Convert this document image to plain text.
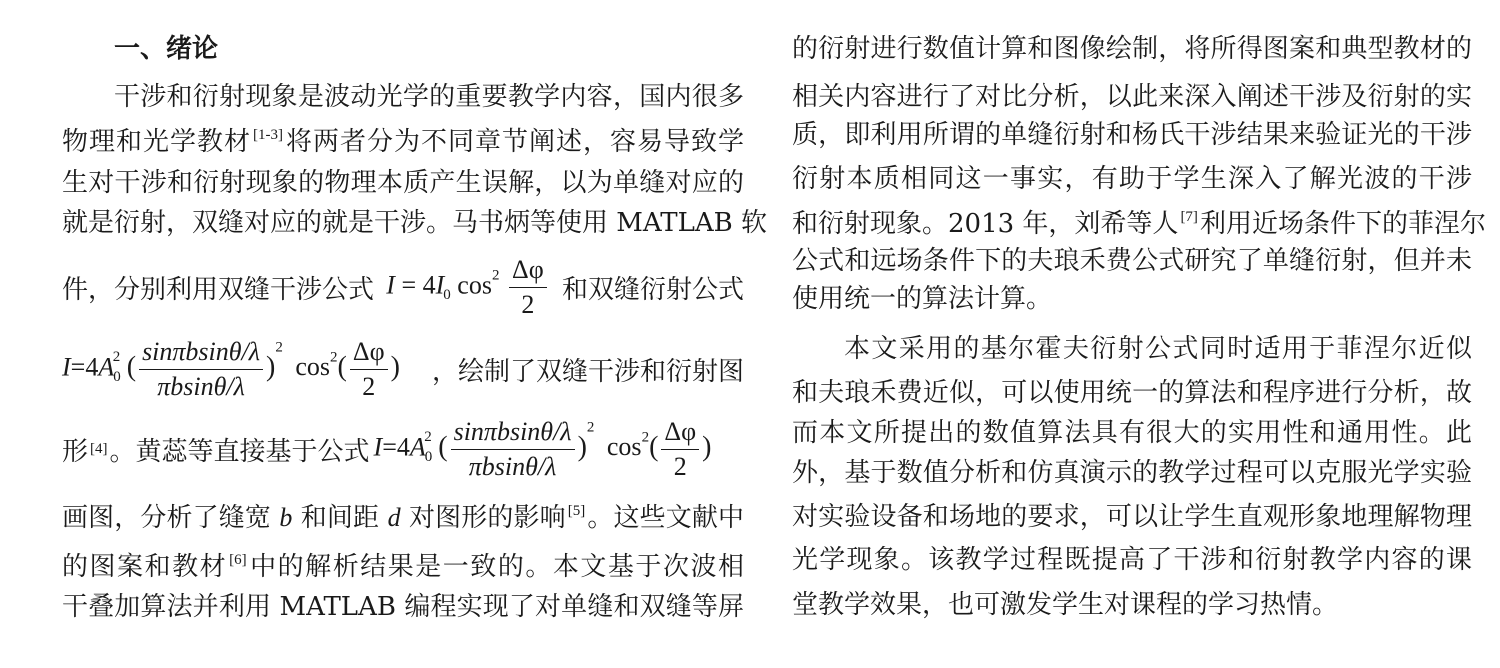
一、绪论
干涉和衍射现象是波动光学的重要教学内容，国内很多
物理和光学教材 [1-3]将两者分为不同章节阐述，容易导致学
生对干涉和衍射现象的物理本质产生误解，以为单缝对应的
就是衍射，双缝对应的就是干涉。马书炳等使用 MATLAB 软
件，分别利用双缝干涉公式 $I = 4I_0$ $\cos^2 \frac{\Delta\varphi}{2}$ 和双缝衍射公式
$I=4A_0^2$ ( $\frac{\sin\pi bsin\theta/\lambda}{\pi bsin\theta/\lambda} )^2$ $\cos^2( \frac{\Delta\varphi}{2}$ )	，绘制了双缝干涉和衍射图
形 [4] 。黄蕊等直接基于公式 $I=4A_0^2$ ( $\frac{\sin\pi bsin\theta/\lambda}{\pi bsin\theta/\lambda} )^2$ $\cos^2( \frac{\Delta\varphi}{2}$ )
画图，分析了缝宽 b 和间距 d 对图形的影响 [5]。这些文献中
的图案和教材 [6]中的解析结果是一致的。本文基于次波相
干叠加算法并利用 MATLAB 编程实现了对单缝和双缝等屏
的衍射进行数值计算和图像绘制，将所得图案和典型教材的
相关内容进行了对比分析，以此来深入阐述干涉及衍射的实
质，即利用所谓的单缝衍射和杨氏干涉结果来验证光的干涉
衍射本质相同这一事实，有助于学生深入了解光波的干涉
和衍射现象。2013 年，刘希等人 [7]利用近场条件下的菲涅尔
公式和远场条件下的夫琅禾费公式研究了单缝衍射，但并未
使用统一的算法计算。
本文采用的基尔霍夫衍射公式同时适用于菲涅尔近似
和夫琅禾费近似，可以使用统一的算法和程序进行分析，故
而本文所提出的数值算法具有很大的实用性和通用性。此
外，基于数值分析和仿真演示的教学过程可以克服光学实验
对实验设备和场地的要求，可以让学生直观形象地理解物理
光学现象。该教学过程既提高了干涉和衍射教学内容的课
堂教学效果，也可激发学生对课程的学习热情。
